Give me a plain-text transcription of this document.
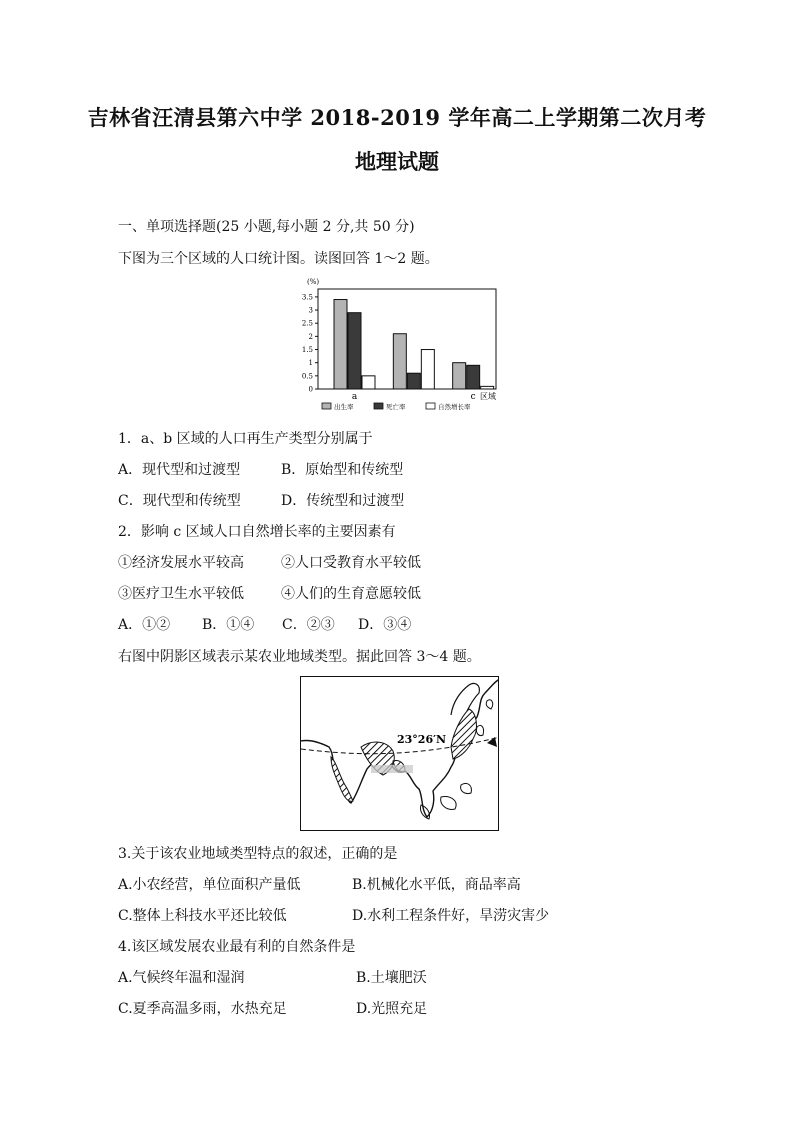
吉林省汪清县第六中学 2018-2019 学年高二上学期第二次月考
地理试题
一、单项选择题(25 小题,每小题 2 分,共 50 分)
下图为三个区域的人口统计图。读图回答 1～2 题。
(%)
0
0.5
1
1.5
2
2.5
3
3.5
a	c 区域
出生率	死亡率	自然增长率
1．a、b 区域的人口再生产类型分别属于
A．现代型和过渡型	B．原始型和传统型
C．现代型和传统型	D．传统型和过渡型
2．影响 c 区域人口自然增长率的主要因素有
①经济发展水平较高	②人口受教育水平较低
③医疗卫生水平较低	④人们的生育意愿较低
A．①② B．①④ C．②③ D．③④
右图中阴影区域表示某农业地域类型。据此回答 3～4 题。
23°26′N
3.关于该农业地域类型特点的叙述，正确的是
A.小农经营，单位面积产量低	B.机械化水平低，商品率高
C.整体上科技水平还比较低	D.水利工程条件好，旱涝灾害少
4.该区域发展农业最有利的自然条件是
A.气候终年温和湿润	B.土壤肥沃
C.夏季高温多雨，水热充足	D.光照充足
